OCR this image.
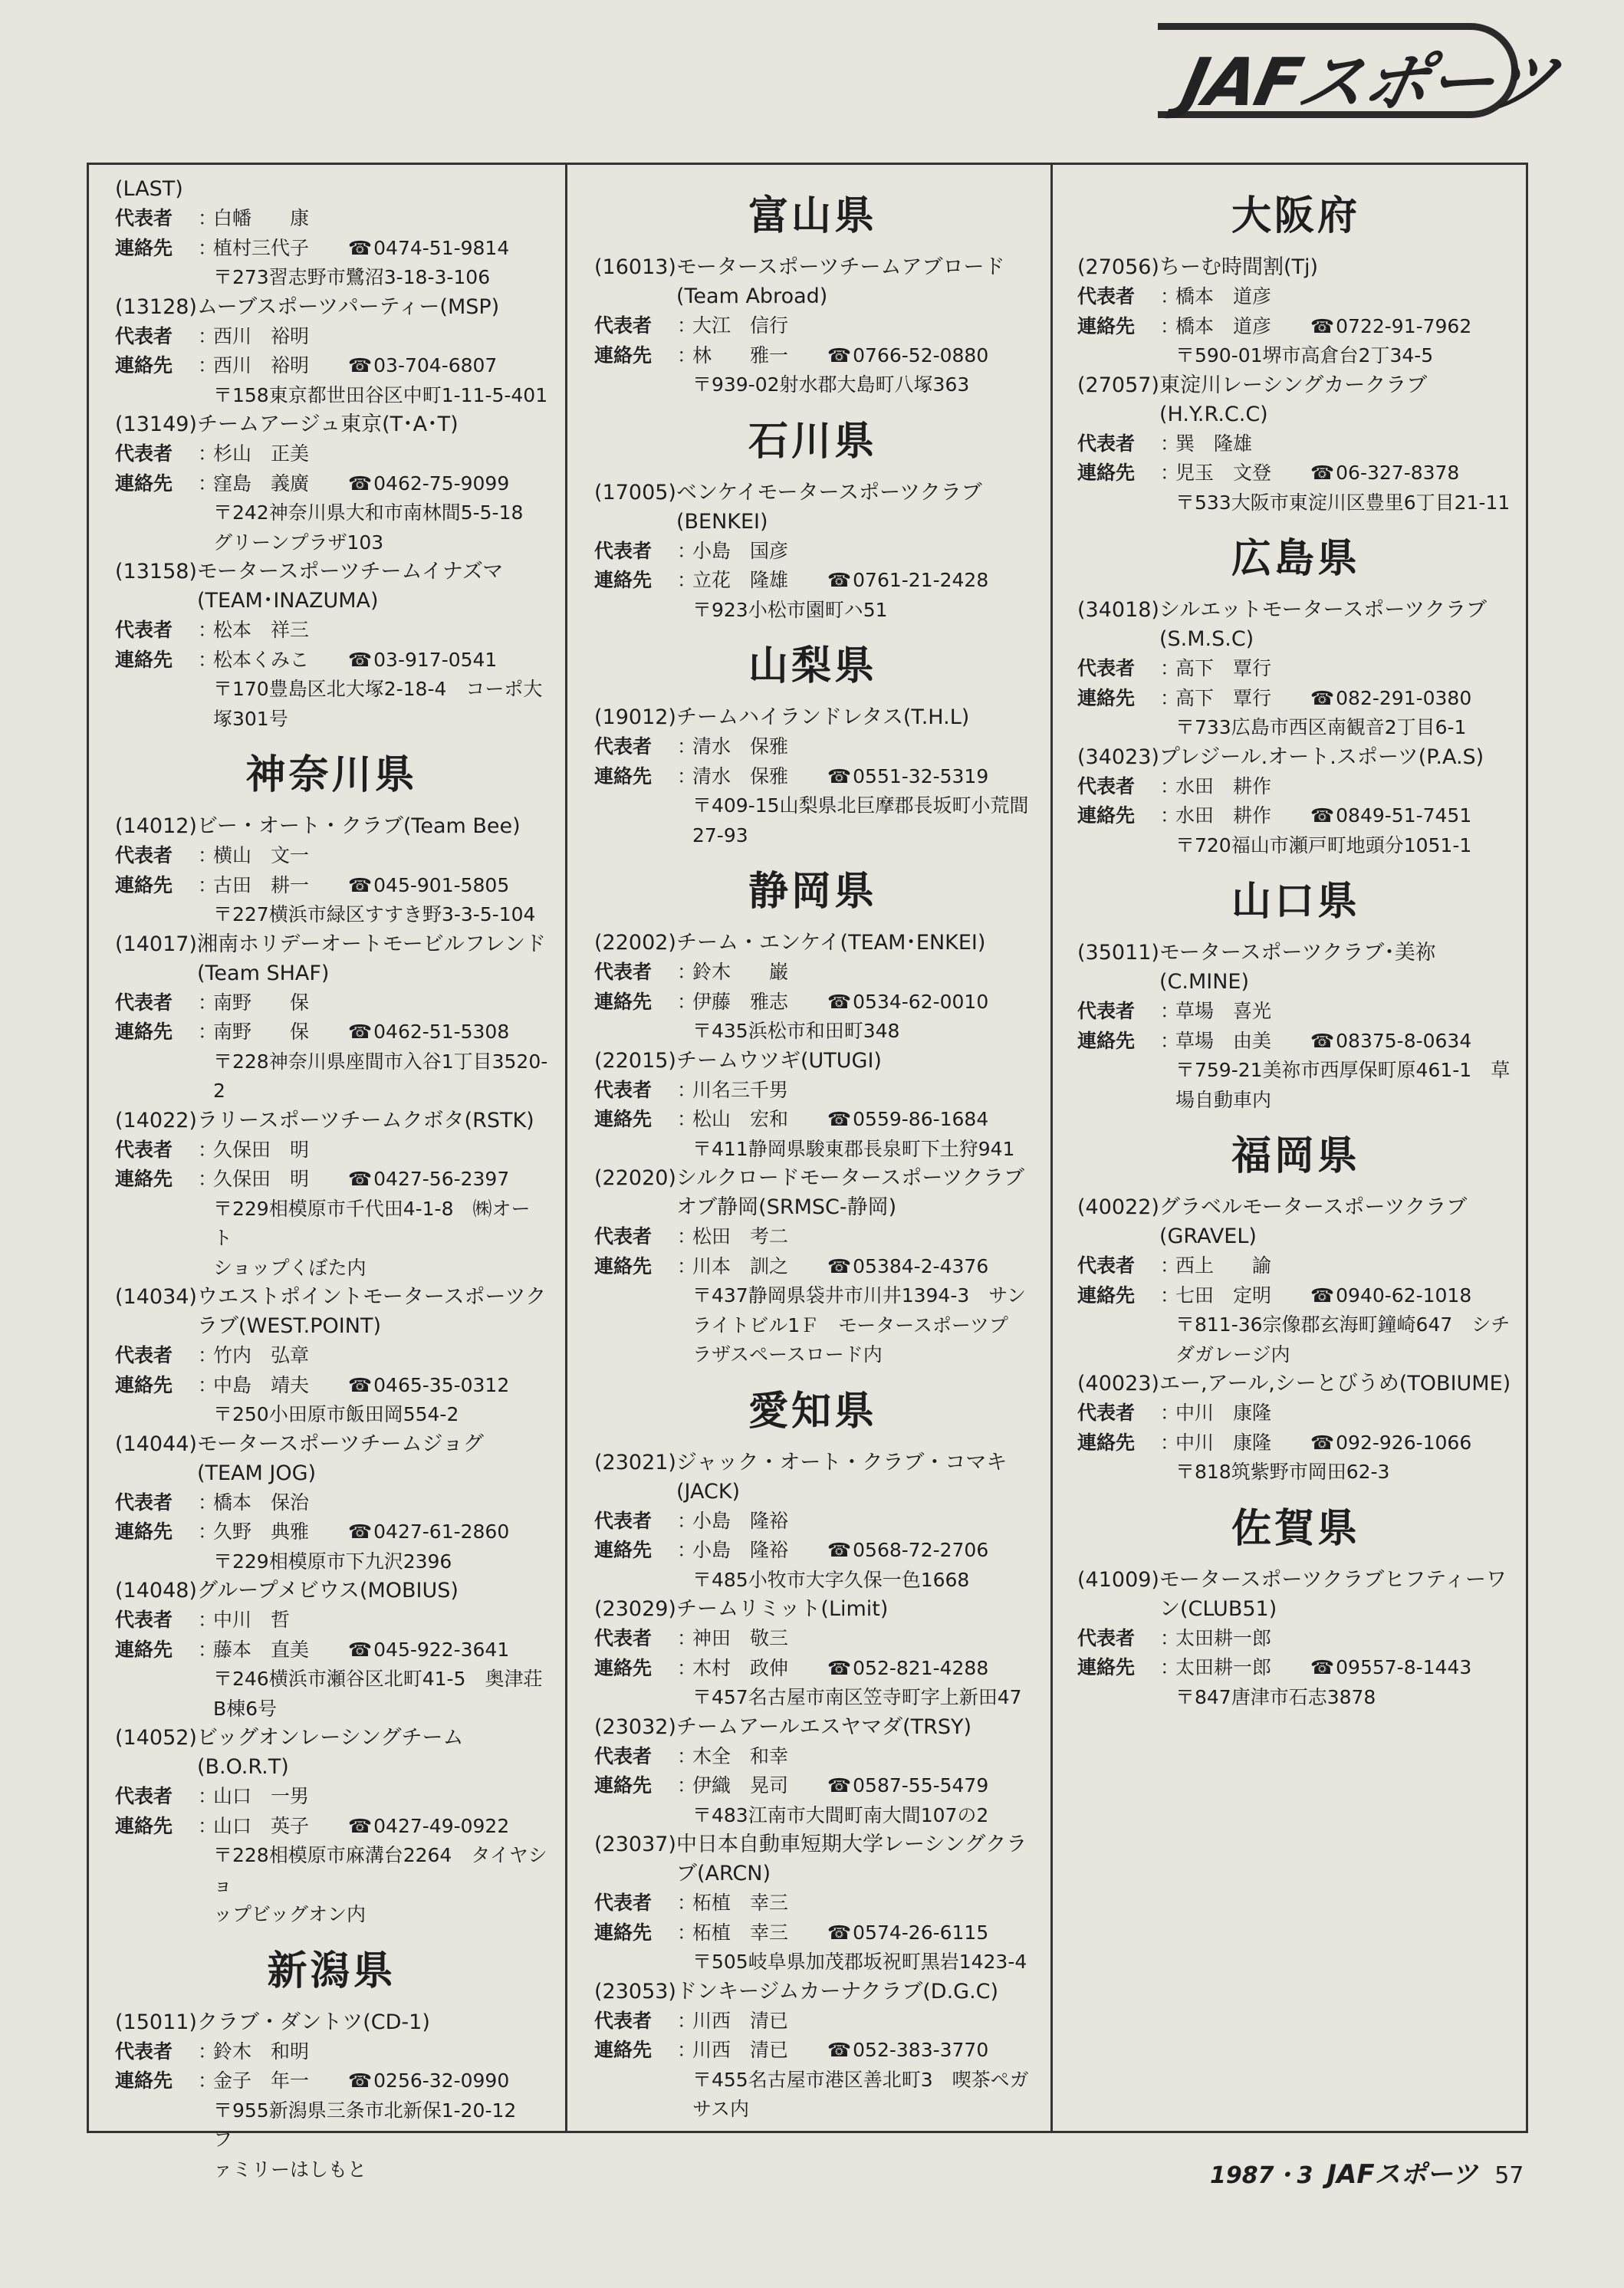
JAFスポーツ
(LAST)
代表者	：
白幡　　康
連絡先	：
植村三代子	☎0474-51-9814
〒273習志野市鷺沼3-18-3-106
(13128) ムーブスポーツパーティー(MSP)
代表者	：
西川　裕明
連絡先	：
西川　裕明	☎03-704-6807
〒158東京都世田谷区中町1-11-5-401
(13149) チームアージュ東京(T･A･T)
代表者	：
杉山　正美
連絡先	：
窪島　義廣	☎0462-75-9099
〒242神奈川県大和市南林間5-5-18
グリーンプラザ103
(13158) モータースポーツチームイナズマ(TEAM･INAZUMA)
代表者	：
松本　祥三
連絡先	：
松本くみこ	☎03-917-0541
〒170豊島区北大塚2-18-4　コーポ大
塚301号
神奈川県
(14012) ビー・オート・クラブ(Team Bee)
代表者	：
横山　文一
連絡先	：
古田　耕一	☎045-901-5805
〒227横浜市緑区すすき野3-3-5-104
(14017) 湘南ホリデーオートモービルフレンド(Team SHAF)
代表者	：
南野　　保
連絡先	：
南野　　保	☎0462-51-5308
〒228神奈川県座間市入谷1丁目3520-2
(14022) ラリースポーツチームクボタ(RSTK)
代表者	：
久保田　明
連絡先	：
久保田　明	☎0427-56-2397
〒229相模原市千代田4-1-8　㈱オート
ショップくぼた内
(14034) ウエストポイントモータースポーツクラブ(WEST.POINT)
代表者	：
竹内　弘章
連絡先	：
中島　靖夫	☎0465-35-0312
〒250小田原市飯田岡554-2
(14044) モータースポーツチームジョグ(TEAM JOG)
代表者	：
橋本　保治
連絡先	：
久野　典雅	☎0427-61-2860
〒229相模原市下九沢2396
(14048) グループメビウス(MOBIUS)
代表者	：
中川　哲
連絡先	：
藤本　直美	☎045-922-3641
〒246横浜市瀬谷区北町41-5　奥津荘
B棟6号
(14052) ビッグオンレーシングチーム(B.O.R.T)
代表者	：
山口　一男
連絡先	：
山口　英子	☎0427-49-0922
〒228相模原市麻溝台2264　タイヤショ
ップビッグオン内
新潟県
(15011) クラブ・ダントツ(CD-1)
代表者	：
鈴木　和明
連絡先	：
金子　年一	☎0256-32-0990
〒955新潟県三条市北新保1-20-12　フ
ァミリーはしもと
富山県
(16013) モータースポーツチームアブロード(Team Abroad)
代表者	：
大江　信行
連絡先	：
林　　雅一	☎0766-52-0880
〒939-02射水郡大島町八塚363
石川県
(17005) ベンケイモータースポーツクラブ(BENKEI)
代表者	：
小島　国彦
連絡先	：
立花　隆雄	☎0761-21-2428
〒923小松市園町ハ51
山梨県
(19012) チームハイランドレタス(T.H.L)
代表者	：
清水　保雅
連絡先	：
清水　保雅	☎0551-32-5319
〒409-15山梨県北巨摩郡長坂町小荒間
27-93
静岡県
(22002) チーム・エンケイ(TEAM･ENKEI)
代表者	：
鈴木　　巌
連絡先	：
伊藤　雅志	☎0534-62-0010
〒435浜松市和田町348
(22015) チームウツギ(UTUGI)
代表者	：
川名三千男
連絡先	：
松山　宏和	☎0559-86-1684
〒411静岡県駿東郡長泉町下土狩941
(22020) シルクロードモータースポーツクラブオブ静岡(SRMSC-静岡)
代表者	：
松田　考二
連絡先	：
川本　訓之	☎05384-2-4376
〒437静岡県袋井市川井1394-3　サン
ライトビル1Ｆ　モータースポーツプ
ラザスペースロード内
愛知県
(23021) ジャック・オート・クラブ・コマキ(JACK)
代表者	：
小島　隆裕
連絡先	：
小島　隆裕	☎0568-72-2706
〒485小牧市大字久保一色1668
(23029) チームリミット(Limit)
代表者	：
神田　敬三
連絡先	：
木村　政伸	☎052-821-4288
〒457名古屋市南区笠寺町字上新田47
(23032) チームアールエスヤマダ(TRSY)
代表者	：
木全　和幸
連絡先	：
伊織　晃司	☎0587-55-5479
〒483江南市大間町南大間107の2
(23037) 中日本自動車短期大学レーシングクラブ(ARCN)
代表者	：
柘植　幸三
連絡先	：
柘植　幸三	☎0574-26-6115
〒505岐阜県加茂郡坂祝町黒岩1423-4
(23053) ドンキージムカーナクラブ(D.G.C)
代表者	：
川西　清已
連絡先	：
川西　清已	☎052-383-3770
〒455名古屋市港区善北町3　喫茶ペガ
サス内
大阪府
(27056) ちーむ時間割(Tj)
代表者	：
橋本　道彦
連絡先	：
橋本　道彦	☎0722-91-7962
〒590-01堺市高倉台2丁34-5
(27057) 東淀川レーシングカークラブ(H.Y.R.C.C)
代表者	：
巽　隆雄
連絡先	：
児玉　文登	☎06-327-8378
〒533大阪市東淀川区豊里6丁目21-11
広島県
(34018) シルエットモータースポーツクラブ(S.M.S.C)
代表者	：
高下　覃行
連絡先	：
高下　覃行	☎082-291-0380
〒733広島市西区南観音2丁目6-1
(34023) プレジール.オート.スポーツ(P.A.S)
代表者	：
水田　耕作
連絡先	：
水田　耕作	☎0849-51-7451
〒720福山市瀬戸町地頭分1051-1
山口県
(35011) モータースポーツクラブ･美祢(C.MINE)
代表者	：
草場　喜光
連絡先	：
草場　由美	☎08375-8-0634
〒759-21美祢市西厚保町原461-1　草
場自動車内
福岡県
(40022) グラベルモータースポーツクラブ(GRAVEL)
代表者	：
西上　　諭
連絡先	：
七田　定明	☎0940-62-1018
〒811-36宗像郡玄海町鐘崎647　シチ
ダガレージ内
(40023) エー,アール,シーとびうめ(TOBIUME)
代表者	：
中川　康隆
連絡先	：
中川　康隆	☎092-926-1066
〒818筑紫野市岡田62-3
佐賀県
(41009) モータースポーツクラブヒフティーワン(CLUB51)
代表者	：
太田耕一郎
連絡先	：
太田耕一郎	☎09557-8-1443
〒847唐津市石志3878
1987・3 JAFスポーツ 57
